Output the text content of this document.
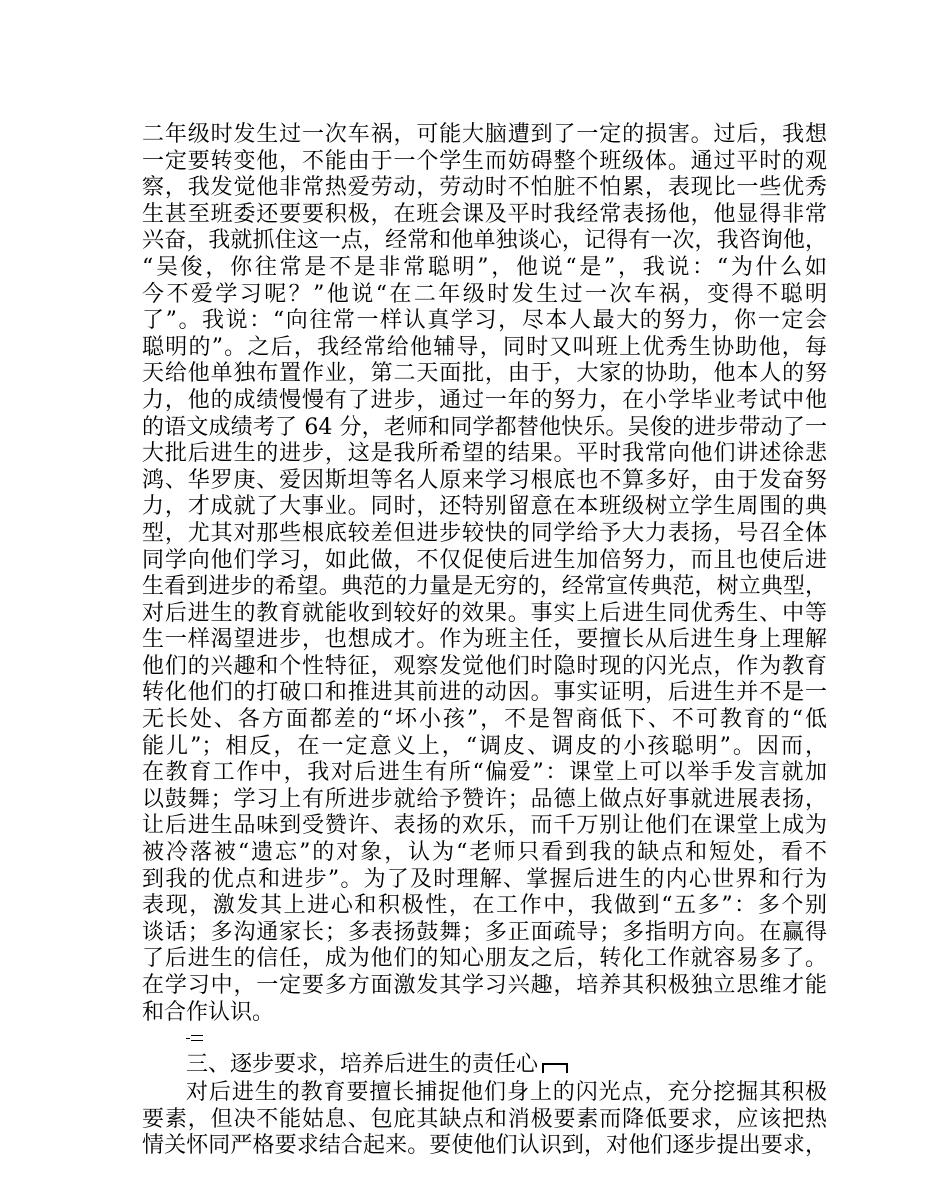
二年级时发生过一次车祸，可能大脑遭到了一定的损害。过后，我想
一定要转变他，不能由于一个学生而妨碍整个班级体。通过平时的观
察，我发觉他非常热爱劳动，劳动时不怕脏不怕累，表现比一些优秀
生甚至班委还要要积极，在班会课及平时我经常表扬他，他显得非常
兴奋，我就抓住这一点，经常和他单独谈心，记得有一次，我咨询他，
“吴俊，你往常是不是非常聪明”，他说“是”，我说：“为什么如
今不爱学习呢？”他说“在二年级时发生过一次车祸，变得不聪明
了”。我说：“向往常一样认真学习，尽本人最大的努力，你一定会
聪明的”。之后，我经常给他辅导，同时又叫班上优秀生协助他，每
天给他单独布置作业，第二天面批，由于，大家的协助，他本人的努
力，他的成绩慢慢有了进步，通过一年的努力，在小学毕业考试中他
的语文成绩考了 64 分，老师和同学都替他快乐。吴俊的进步带动了一
大批后进生的进步，这是我所希望的结果。平时我常向他们讲述徐悲
鸿、华罗庚、爱因斯坦等名人原来学习根底也不算多好，由于发奋努
力，才成就了大事业。同时，还特别留意在本班级树立学生周围的典
型，尤其对那些根底较差但进步较快的同学给予大力表扬，号召全体
同学向他们学习，如此做，不仅促使后进生加倍努力，而且也使后进
生看到进步的希望。典范的力量是无穷的，经常宣传典范，树立典型，
对后进生的教育就能收到较好的效果。事实上后进生同优秀生、中等
生一样渴望进步，也想成才。作为班主任，要擅长从后进生身上理解
他们的兴趣和个性特征，观察发觉他们时隐时现的闪光点，作为教育
转化他们的打破口和推进其前进的动因。事实证明，后进生并不是一
无长处、各方面都差的“坏小孩”，不是智商低下、不可教育的“低
能儿”；相反，在一定意义上，“调皮、调皮的小孩聪明”。因而，
在教育工作中，我对后进生有所“偏爱”：课堂上可以举手发言就加
以鼓舞；学习上有所进步就给予赞许；品德上做点好事就进展表扬，
让后进生品味到受赞许、表扬的欢乐，而千万别让他们在课堂上成为
被冷落被“遗忘”的对象，认为“老师只看到我的缺点和短处，看不
到我的优点和进步”。为了及时理解、掌握后进生的内心世界和行为
表现，激发其上进心和积极性，在工作中，我做到“五多”：多个别
谈话；多沟通家长；多表扬鼓舞；多正面疏导；多指明方向。在赢得
了后进生的信任，成为他们的知心朋友之后，转化工作就容易多了。
在学习中，一定要多方面激发其学习兴趣，培养其积极独立思维才能
和合作认识。
三、逐步要求，培养后进生的责任心
对后进生的教育要擅长捕捉他们身上的闪光点，充分挖掘其积极
要素，但决不能姑息、包庇其缺点和消极要素而降低要求，应该把热
情关怀同严格要求结合起来。要使他们认识到，对他们逐步提出要求，
